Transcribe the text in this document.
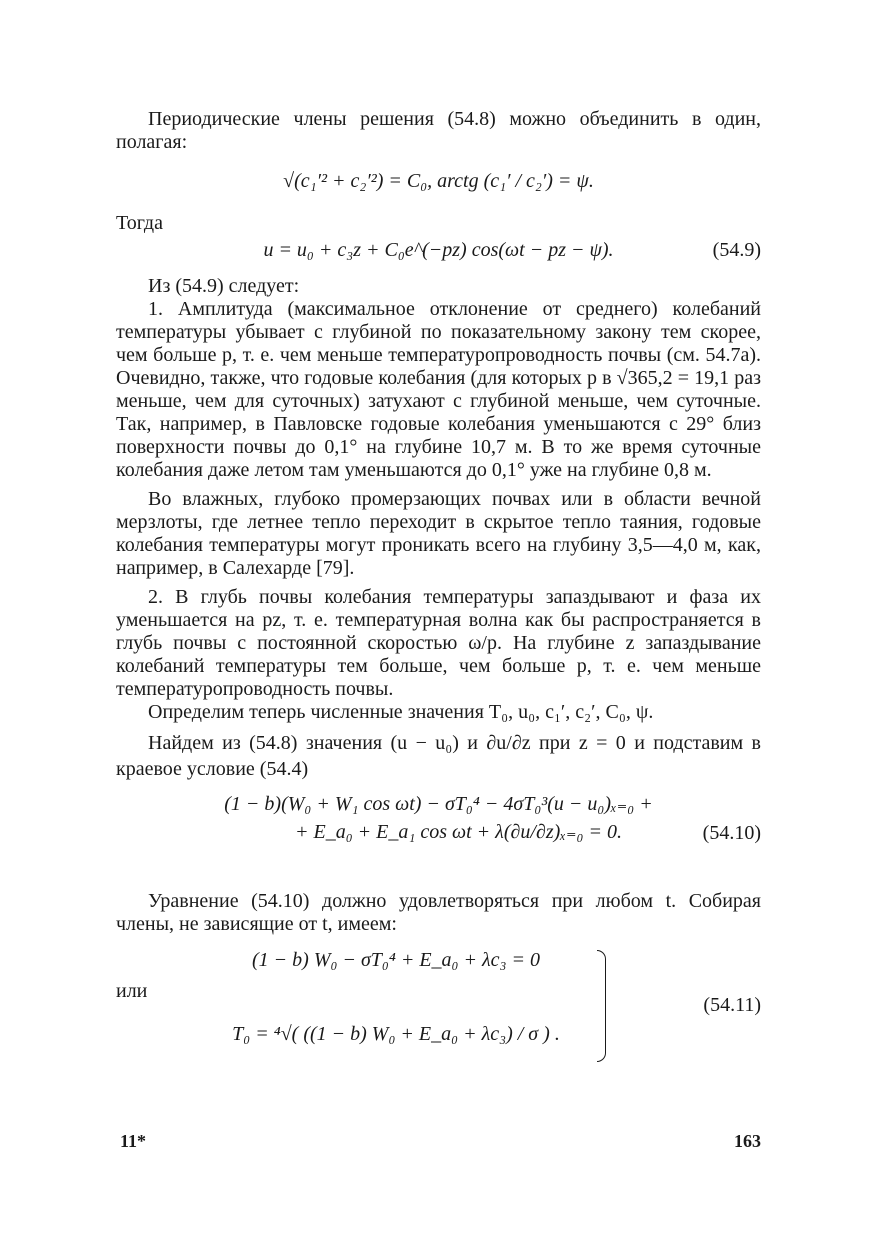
Периодические члены решения (54.8) можно объединить в один, полагая:

√(c₁′² + c₂′²) = C₀, arctg (c₁′ / c₂′) = ψ.

Тогда

u = u₀ + c₃z + C₀e^(−pz) cos(ωt − pz − ψ).	(54.9)

Из (54.9) следует:

1. Амплитуда (максимальное отклонение от среднего) колебаний температуры убывает с глубиной по показательному закону тем скорее, чем больше p, т. е. чем меньше температуропроводность почвы (см. 54.7а). Очевидно, также, что годовые колебания (для которых p в √365,2 = 19,1 раз меньше, чем для суточных) затухают с глубиной меньше, чем суточные. Так, например, в Павловске годовые колебания уменьшаются с 29° близ поверхности почвы до 0,1° на глубине 10,7 м. В то же время суточные колебания даже летом там уменьшаются до 0,1° уже на глубине 0,8 м.

Во влажных, глубоко промерзающих почвах или в области вечной мерзлоты, где летнее тепло переходит в скрытое тепло таяния, годовые колебания температуры могут проникать всего на глубину 3,5—4,0 м, как, например, в Салехарде [79].

2. В глубь почвы колебания температуры запаздывают и фаза их уменьшается на pz, т. е. температурная волна как бы распространяется в глубь почвы с постоянной скоростью ω/p. На глубине z запаздывание колебаний температуры тем больше, чем больше p, т. е. чем меньше температуропроводность почвы.

Определим теперь численные значения T₀, u₀, c₁′, c₂′, C₀, ψ.

Найдем из (54.8) значения (u − u₀) и ∂u/∂z при z = 0 и подставим в краевое условие (54.4)

(1 − b)(W₀ + W₁ cos ωt) − σT₀⁴ − 4σT₀³(u − u₀)ₓ₌₀ +
+ E_a₀ + E_a₁ cos ωt + λ(∂u/∂z)ₓ₌₀ = 0.	(54.10)

Уравнение (54.10) должно удовлетворяться при любом t. Собирая члены, не зависящие от t, имеем:

(1 − b) W₀ − σT₀⁴ + E_a₀ + λc₃ = 0
или
T₀ = ⁴√( ((1 − b) W₀ + E_a₀ + λc₃) / σ ) .
(54.11)
11*	163
